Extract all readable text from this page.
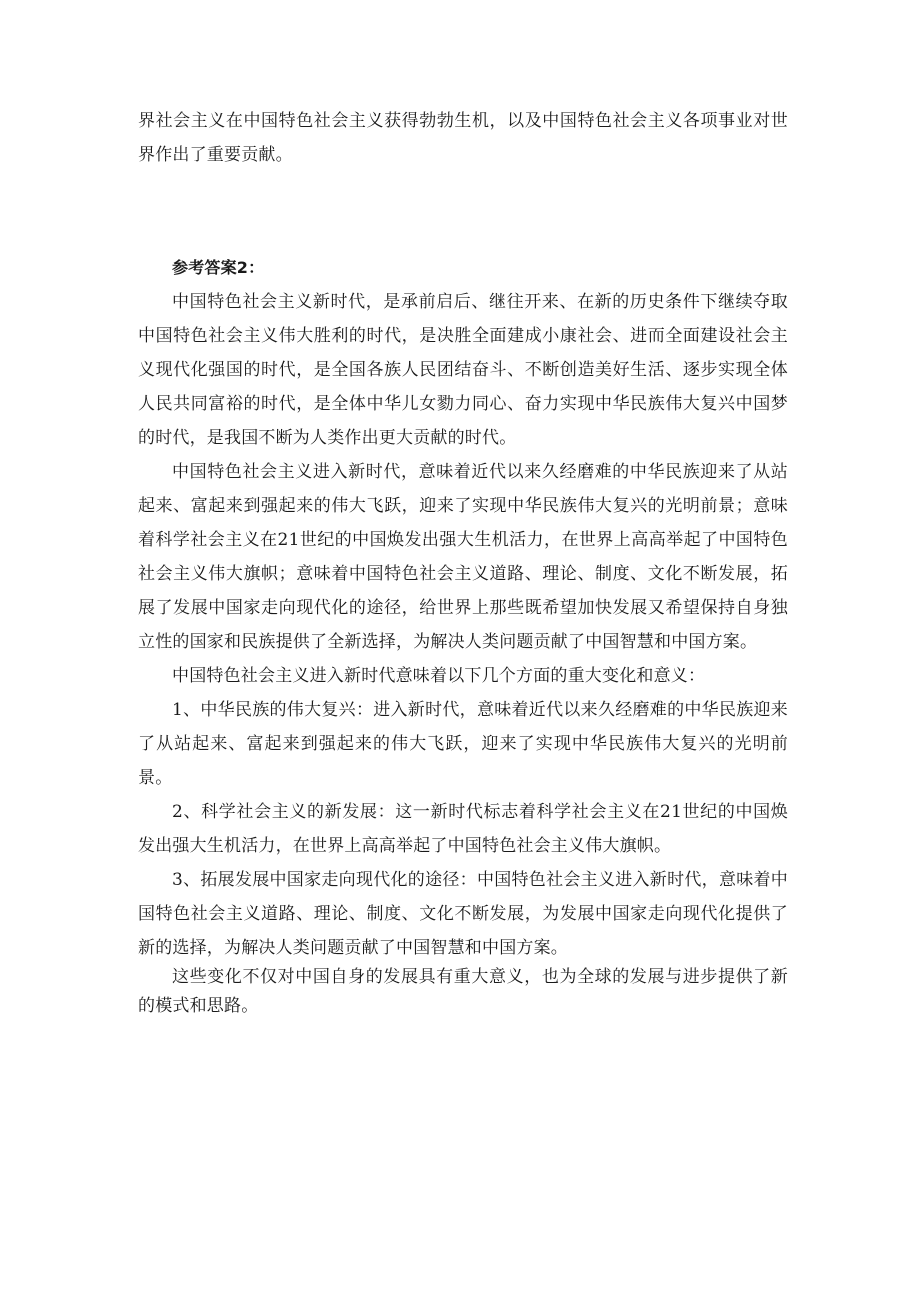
界社会主义在中国特色社会主义获得勃勃生机，以及中国特色社会主义各项事业对世界作出了重要贡献。

参考答案2：

中国特色社会主义新时代，是承前启后、继往开来、在新的历史条件下继续夺取中国特色社会主义伟大胜利的时代，是决胜全面建成小康社会、进而全面建设社会主义现代化强国的时代，是全国各族人民团结奋斗、不断创造美好生活、逐步实现全体人民共同富裕的时代，是全体中华儿女勠力同心、奋力实现中华民族伟大复兴中国梦的时代，是我国不断为人类作出更大贡献的时代。

中国特色社会主义进入新时代，意味着近代以来久经磨难的中华民族迎来了从站起来、富起来到强起来的伟大飞跃，迎来了实现中华民族伟大复兴的光明前景；意味着科学社会主义在21世纪的中国焕发出强大生机活力，在世界上高高举起了中国特色社会主义伟大旗帜；意味着中国特色社会主义道路、理论、制度、文化不断发展，拓展了发展中国家走向现代化的途径，给世界上那些既希望加快发展又希望保持自身独立性的国家和民族提供了全新选择，为解决人类问题贡献了中国智慧和中国方案。

中国特色社会主义进入新时代意味着以下几个方面的重大变化和意义：

1、中华民族的伟大复兴：进入新时代，意味着近代以来久经磨难的中华民族迎来了从站起来、富起来到强起来的伟大飞跃，迎来了实现中华民族伟大复兴的光明前景。

2、科学社会主义的新发展：这一新时代标志着科学社会主义在21世纪的中国焕发出强大生机活力，在世界上高高举起了中国特色社会主义伟大旗帜。

3、拓展发展中国家走向现代化的途径：中国特色社会主义进入新时代，意味着中国特色社会主义道路、理论、制度、文化不断发展，为发展中国家走向现代化提供了新的选择，为解决人类问题贡献了中国智慧和中国方案。

这些变化不仅对中国自身的发展具有重大意义，也为全球的发展与进步提供了新的模式和思路。
